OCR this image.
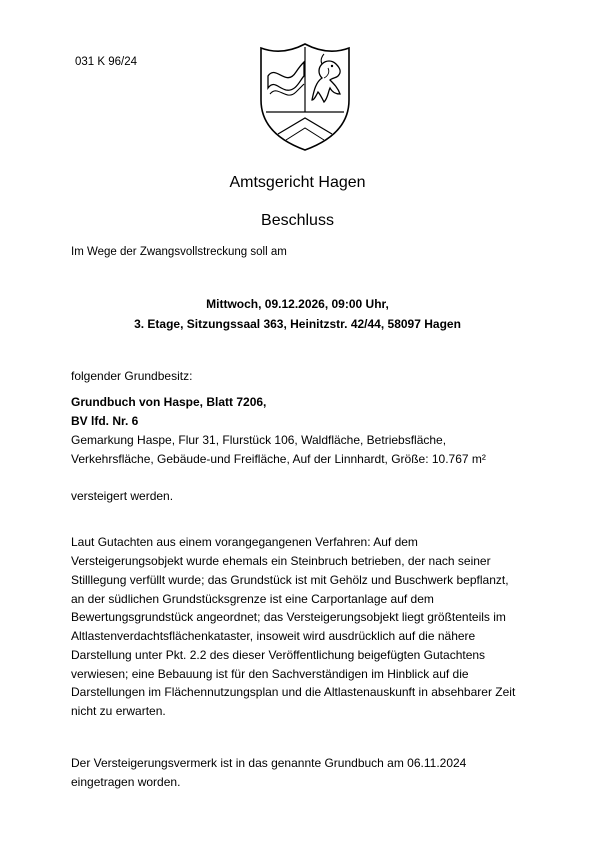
031 K 96/24
Amtsgericht Hagen
Beschluss
Im Wege der Zwangsvollstreckung soll am
Mittwoch, 09.12.2026, 09:00 Uhr,
3. Etage, Sitzungssaal 363, Heinitzstr. 42/44, 58097 Hagen
folgender Grundbesitz:
Grundbuch von Haspe, Blatt 7206,
BV lfd. Nr. 6
Gemarkung Haspe, Flur 31, Flurstück 106, Waldfläche, Betriebsfläche,
Verkehrsfläche, Gebäude-und Freifläche, Auf der Linnhardt, Größe: 10.767 m²
versteigert werden.
Laut Gutachten aus einem vorangegangenen Verfahren: Auf dem
Versteigerungsobjekt wurde ehemals ein Steinbruch betrieben, der nach seiner
Stilllegung verfüllt wurde; das Grundstück ist mit Gehölz und Buschwerk bepflanzt,
an der südlichen Grundstücksgrenze ist eine Carportanlage auf dem
Bewertungsgrundstück angeordnet; das Versteigerungsobjekt liegt größtenteils im
Altlastenverdachtsflächenkataster, insoweit wird ausdrücklich auf die nähere
Darstellung unter Pkt. 2.2 des dieser Veröffentlichung beigefügten Gutachtens
verwiesen; eine Bebauung ist für den Sachverständigen im Hinblick auf die
Darstellungen im Flächennutzungsplan und die Altlastenauskunft in absehbarer Zeit
nicht zu erwarten.
Der Versteigerungsvermerk ist in das genannte Grundbuch am 06.11.2024
eingetragen worden.
